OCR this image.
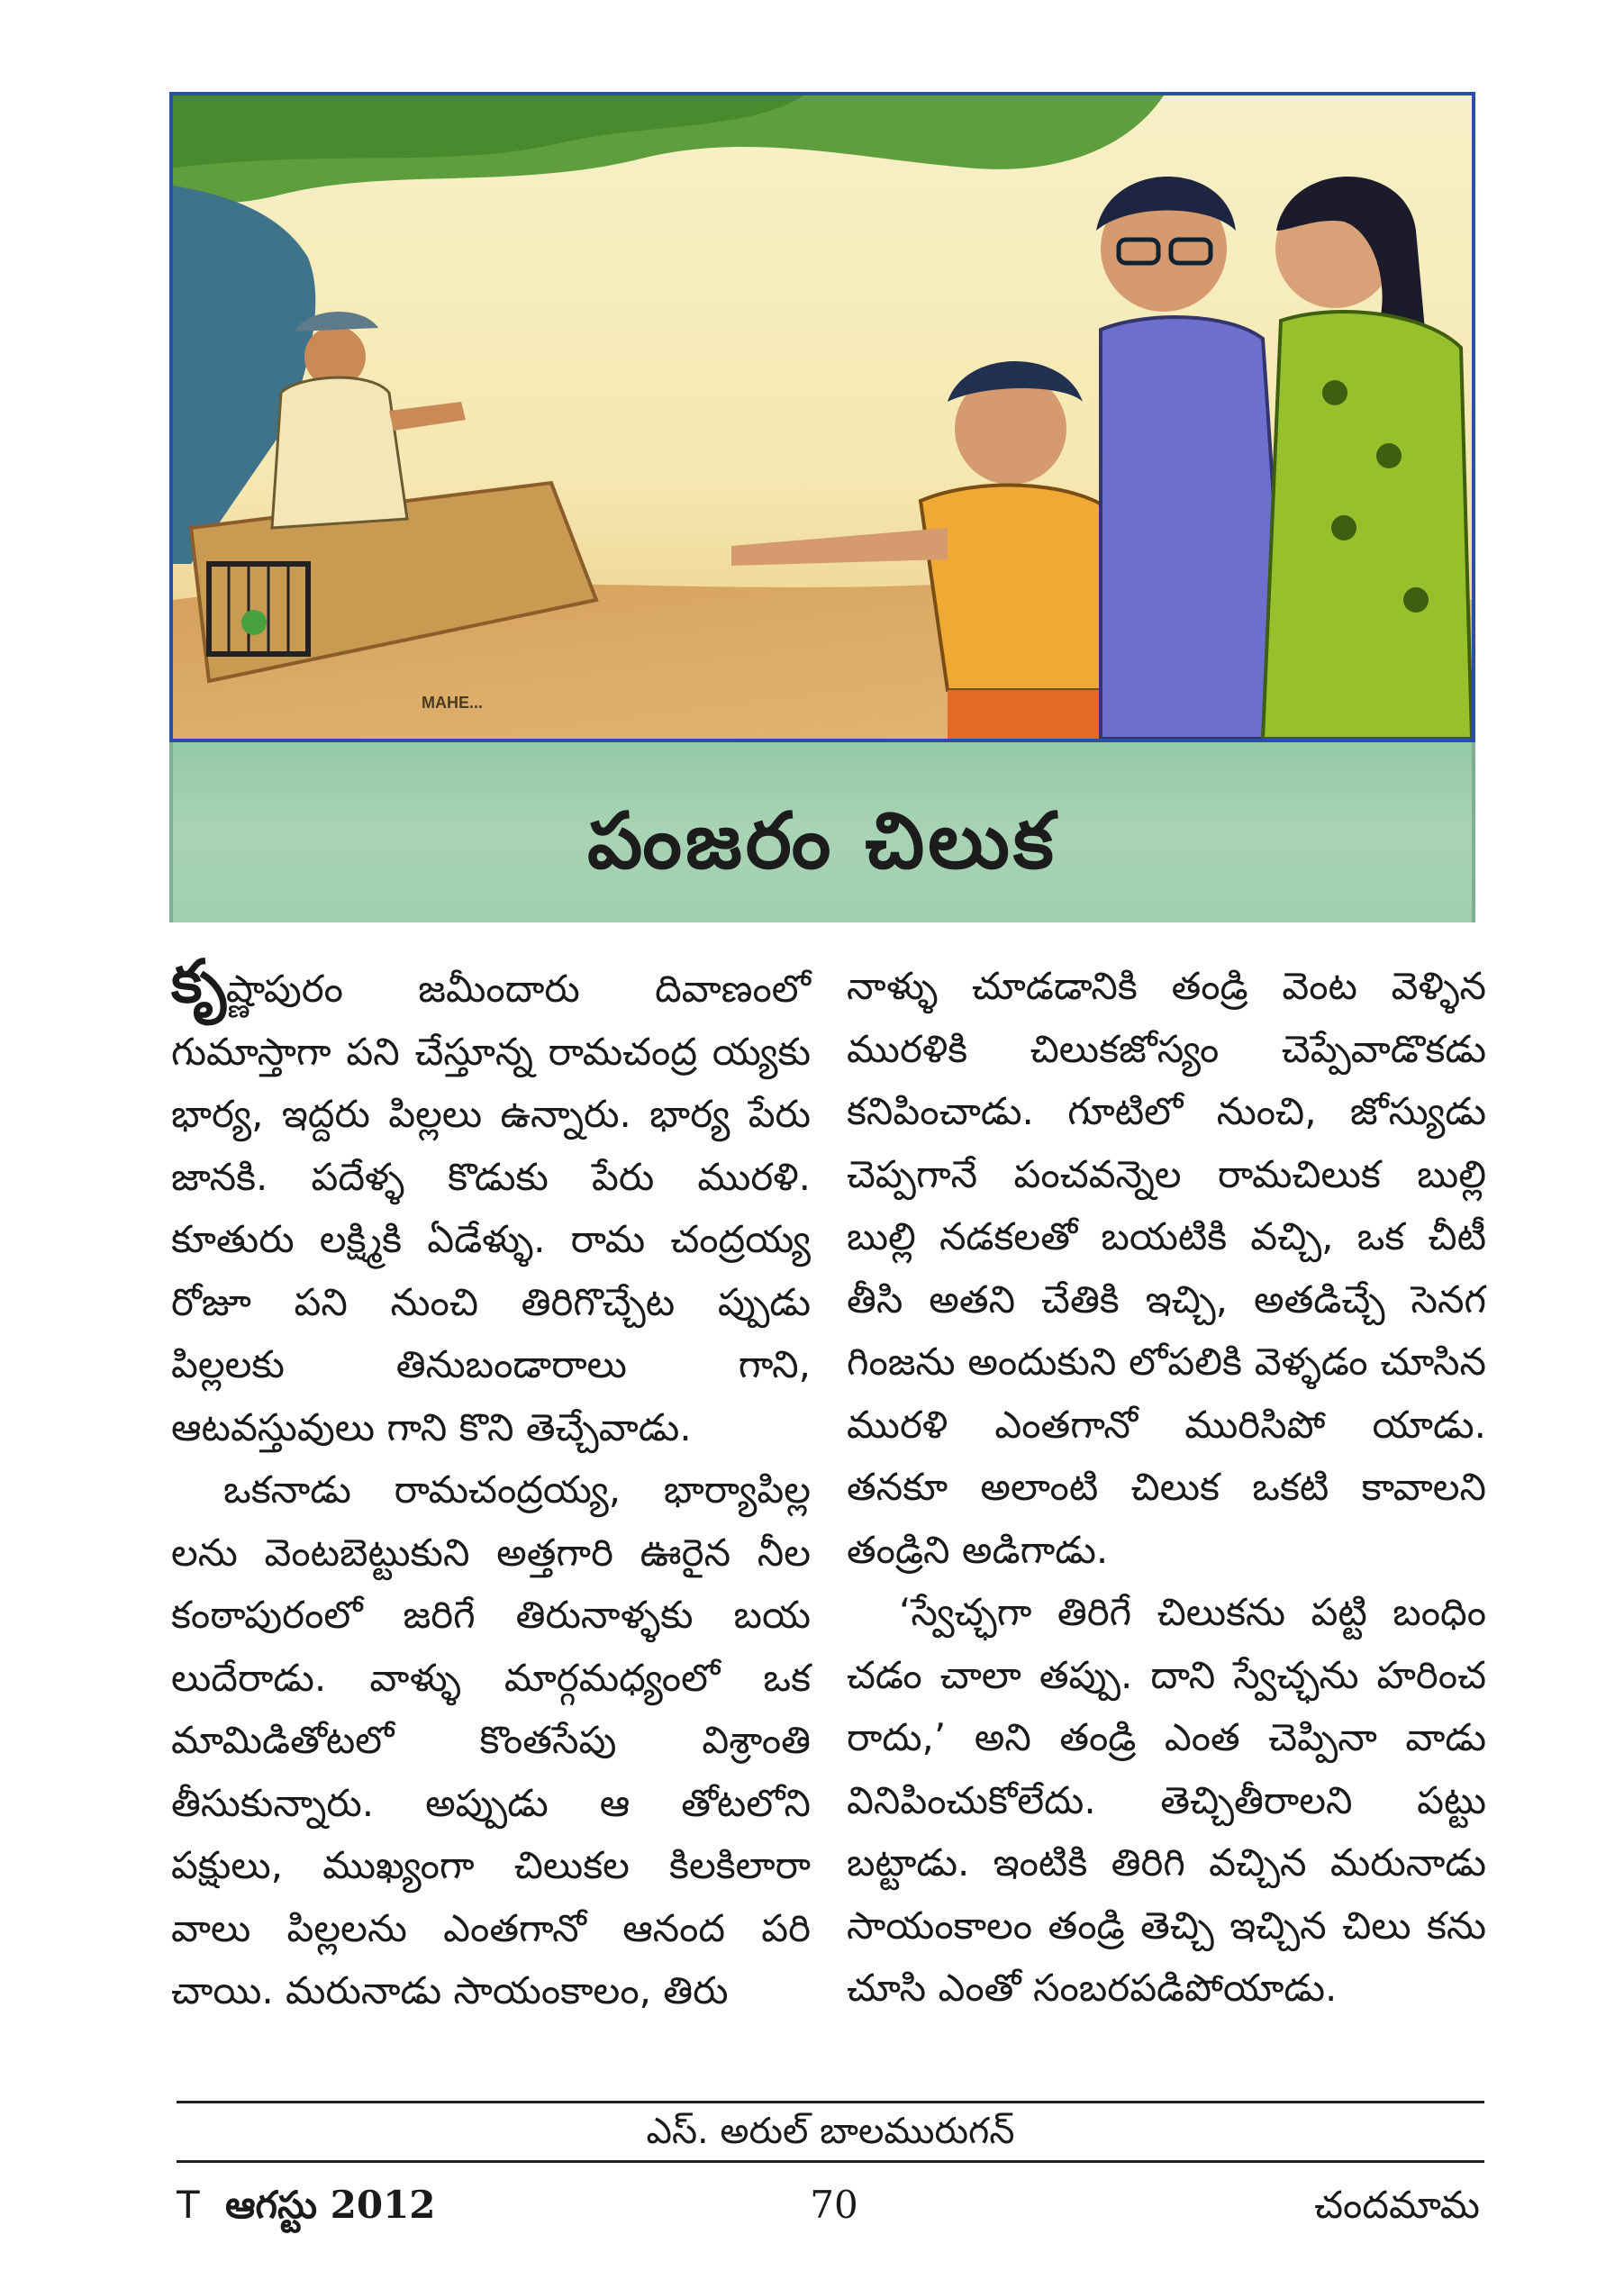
MAHE...
పంజరం చిలుక

కృష్ణాపురం జమీందారు దివాణంలో గుమాస్తాగా పని చేస్తూన్న రామచంద్ర య్యకు భార్య, ఇద్దరు పిల్లలు ఉన్నారు. భార్య పేరు జానకి. పదేళ్ళ కొడుకు పేరు మురళి. కూతురు లక్ష్మికి ఏడేళ్ళు. రామ చంద్రయ్య రోజూ పని నుంచి తిరిగొచ్చేట ప్పుడు పిల్లలకు తినుబండారాలు గాని, ఆటవస్తువులు గాని కొని తెచ్చేవాడు.

ఒకనాడు రామచంద్రయ్య, భార్యాపిల్ల లను వెంటబెట్టుకుని అత్తగారి ఊరైన నీల కంఠాపురంలో జరిగే తిరునాళ్ళకు బయ లుదేరాడు. వాళ్ళు మార్గమధ్యంలో ఒక మామిడితోటలో కొంతసేపు విశ్రాంతి తీసుకున్నారు. అప్పుడు ఆ తోటలోని పక్షులు, ముఖ్యంగా చిలుకల కిలకిలారా వాలు పిల్లలను ఎంతగానో ఆనంద పరి చాయి. మరునాడు సాయంకాలం, తిరు

నాళ్ళు చూడడానికి తండ్రి వెంట వెళ్ళిన మురళికి చిలుకజోస్యం చెప్పేవాడొకడు కనిపించాడు. గూటిలో నుంచి, జోస్యుడు చెప్పగానే పంచవన్నెల రామచిలుక బుల్లి బుల్లి నడకలతో బయటికి వచ్చి, ఒక చీటీ తీసి అతని చేతికి ఇచ్చి, అతడిచ్చే సెనగ గింజను అందుకుని లోపలికి వెళ్ళడం చూసిన మురళి ఎంతగానో మురిసిపో యాడు. తనకూ అలాంటి చిలుక ఒకటి కావాలని తండ్రిని అడిగాడు.

‘స్వేచ్ఛగా తిరిగే చిలుకను పట్టి బంధిం చడం చాలా తప్పు. దాని స్వేచ్ఛను హరించ రాదు,’ అని తండ్రి ఎంత చెప్పినా వాడు వినిపించుకోలేదు. తెచ్చితీరాలని పట్టు బట్టాడు. ఇంటికి తిరిగి వచ్చిన మరునాడు సాయంకాలం తండ్రి తెచ్చి ఇచ్చిన చిలు కను చూసి ఎంతో సంబరపడిపోయాడు.

ఎస్. అరుల్ బాలమురుగన్
T ఆగస్టు 2012	70	చందమామ
